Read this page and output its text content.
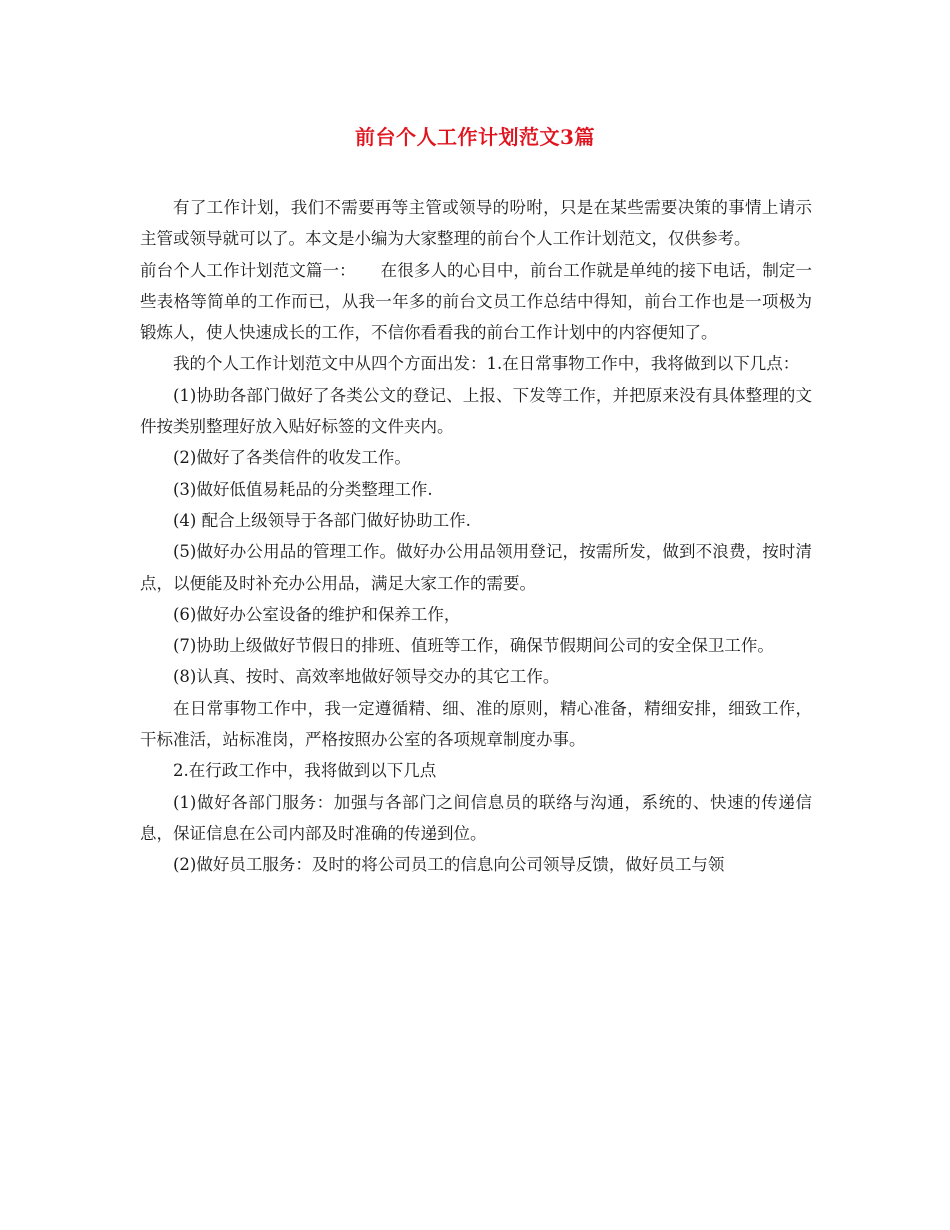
前台个人工作计划范文3篇

有了工作计划，我们不需要再等主管或领导的吩咐，只是在某些需要决策的事情上请示主管或领导就可以了。本文是小编为大家整理的前台个人工作计划范文，仅供参考。

前台个人工作计划范文篇一：　　在很多人的心目中，前台工作就是单纯的接下电话，制定一些表格等简单的工作而已，从我一年多的前台文员工作总结中得知，前台工作也是一项极为锻炼人，使人快速成长的工作，不信你看看我的前台工作计划中的内容便知了。

我的个人工作计划范文中从四个方面出发：1.在日常事物工作中，我将做到以下几点：

(1)协助各部门做好了各类公文的登记、上报、下发等工作，并把原来没有具体整理的文件按类别整理好放入贴好标签的文件夹内。

(2)做好了各类信件的收发工作。

(3)做好低值易耗品的分类整理工作.

(4) 配合上级领导于各部门做好协助工作.

(5)做好办公用品的管理工作。做好办公用品领用登记，按需所发，做到不浪费，按时清点，以便能及时补充办公用品，满足大家工作的需要。

(6)做好办公室设备的维护和保养工作，

(7)协助上级做好节假日的排班、值班等工作，确保节假期间公司的安全保卫工作。

(8)认真、按时、高效率地做好领导交办的其它工作。

在日常事物工作中，我一定遵循精、细、准的原则，精心准备，精细安排，细致工作，干标准活，站标准岗，严格按照办公室的各项规章制度办事。

2.在行政工作中，我将做到以下几点

(1)做好各部门服务：加强与各部门之间信息员的联络与沟通，系统的、快速的传递信息，保证信息在公司内部及时准确的传递到位。

(2)做好员工服务：及时的将公司员工的信息向公司领导反馈，做好员工与领
